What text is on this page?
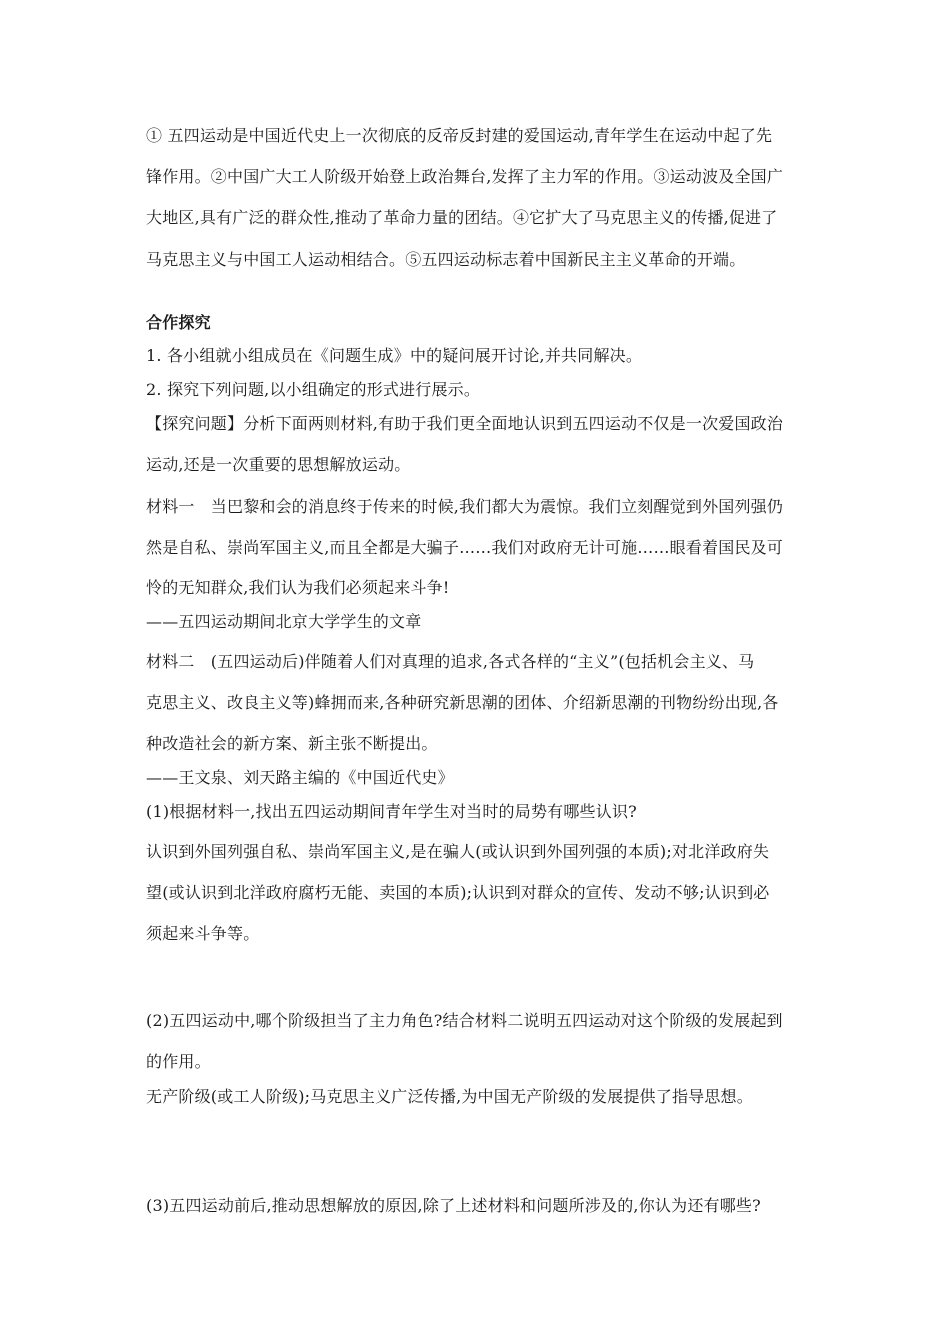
① 五四运动是中国近代史上一次彻底的反帝反封建的爱国运动,青年学生在运动中起了先
锋作用。②中国广大工人阶级开始登上政治舞台,发挥了主力军的作用。③运动波及全国广
大地区,具有广泛的群众性,推动了革命力量的团结。④它扩大了马克思主义的传播,促进了
马克思主义与中国工人运动相结合。⑤五四运动标志着中国新民主主义革命的开端。
合作探究
1. 各小组就小组成员在《问题生成》中的疑问展开讨论,并共同解决。
2. 探究下列问题,以小组确定的形式进行展示。
【探究问题】分析下面两则材料,有助于我们更全面地认识到五四运动不仅是一次爱国政治
运动,还是一次重要的思想解放运动。
材料一　当巴黎和会的消息终于传来的时候,我们都大为震惊。我们立刻醒觉到外国列强仍
然是自私、崇尚军国主义,而且全都是大骗子……我们对政府无计可施……眼看着国民及可
怜的无知群众,我们认为我们必须起来斗争!
——五四运动期间北京大学学生的文章
材料二　(五四运动后)伴随着人们对真理的追求,各式各样的“主义”(包括机会主义、马
克思主义、改良主义等)蜂拥而来,各种研究新思潮的团体、介绍新思潮的刊物纷纷出现,各
种改造社会的新方案、新主张不断提出。
——王文泉、刘天路主编的《中国近代史》
(1)根据材料一,找出五四运动期间青年学生对当时的局势有哪些认识?
认识到外国列强自私、崇尚军国主义,是在骗人(或认识到外国列强的本质);对北洋政府失
望(或认识到北洋政府腐朽无能、卖国的本质);认识到对群众的宣传、发动不够;认识到必
须起来斗争等。
(2)五四运动中,哪个阶级担当了主力角色?结合材料二说明五四运动对这个阶级的发展起到
的作用。
无产阶级(或工人阶级);马克思主义广泛传播,为中国无产阶级的发展提供了指导思想。
(3)五四运动前后,推动思想解放的原因,除了上述材料和问题所涉及的,你认为还有哪些?
